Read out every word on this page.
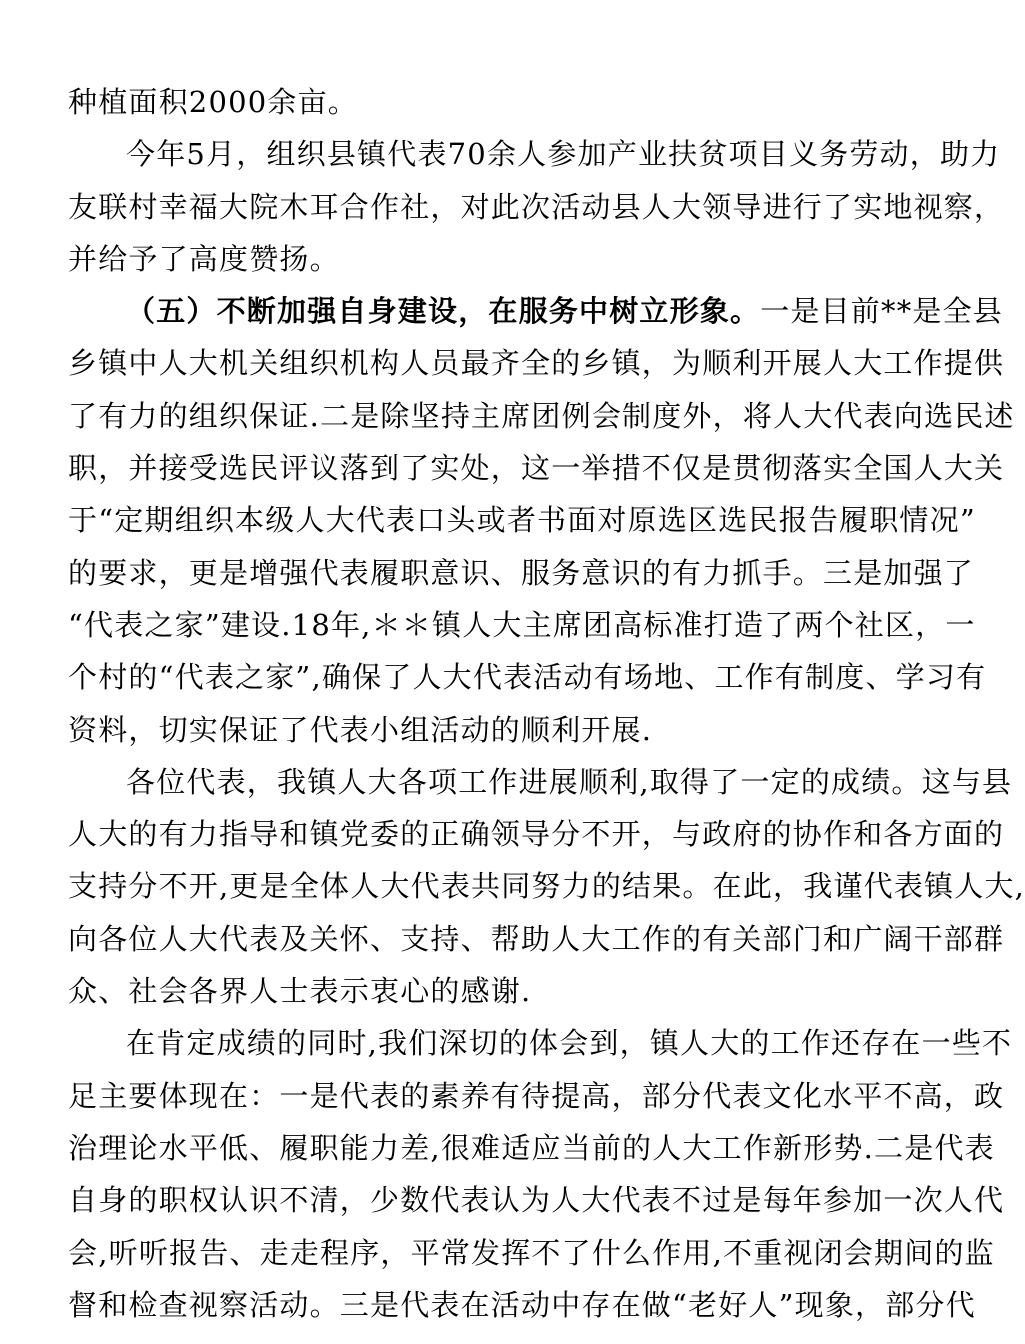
种植面积2000余亩。
今年5月，组织县镇代表70余人参加产业扶贫项目义务劳动，助力
友联村幸福大院木耳合作社，对此次活动县人大领导进行了实地视察，
并给予了高度赞扬。
（五）不断加强自身建设，在服务中树立形象。一是目前**是全县
乡镇中人大机关组织机构人员最齐全的乡镇，为顺利开展人大工作提供
了有力的组织保证.二是除坚持主席团例会制度外，将人大代表向选民述
职，并接受选民评议落到了实处，这一举措不仅是贯彻落实全国人大关
于“定期组织本级人大代表口头或者书面对原选区选民报告履职情况”
的要求，更是增强代表履职意识、服务意识的有力抓手。三是加强了
“代表之家”建设.18年,＊＊镇人大主席团高标准打造了两个社区，一
个村的“代表之家”,确保了人大代表活动有场地、工作有制度、学习有
资料，切实保证了代表小组活动的顺利开展.
各位代表，我镇人大各项工作进展顺利,取得了一定的成绩。这与县
人大的有力指导和镇党委的正确领导分不开，与政府的协作和各方面的
支持分不开,更是全体人大代表共同努力的结果。在此，我谨代表镇人大,
向各位人大代表及关怀、支持、帮助人大工作的有关部门和广阔干部群
众、社会各界人士表示衷心的感谢.
在肯定成绩的同时,我们深切的体会到，镇人大的工作还存在一些不
足主要体现在：一是代表的素养有待提高，部分代表文化水平不高，政
治理论水平低、履职能力差,很难适应当前的人大工作新形势.二是代表
自身的职权认识不清，少数代表认为人大代表不过是每年参加一次人代
会,听听报告、走走程序，平常发挥不了什么作用,不重视闭会期间的监
督和检查视察活动。三是代表在活动中存在做“老好人”现象，部分代
